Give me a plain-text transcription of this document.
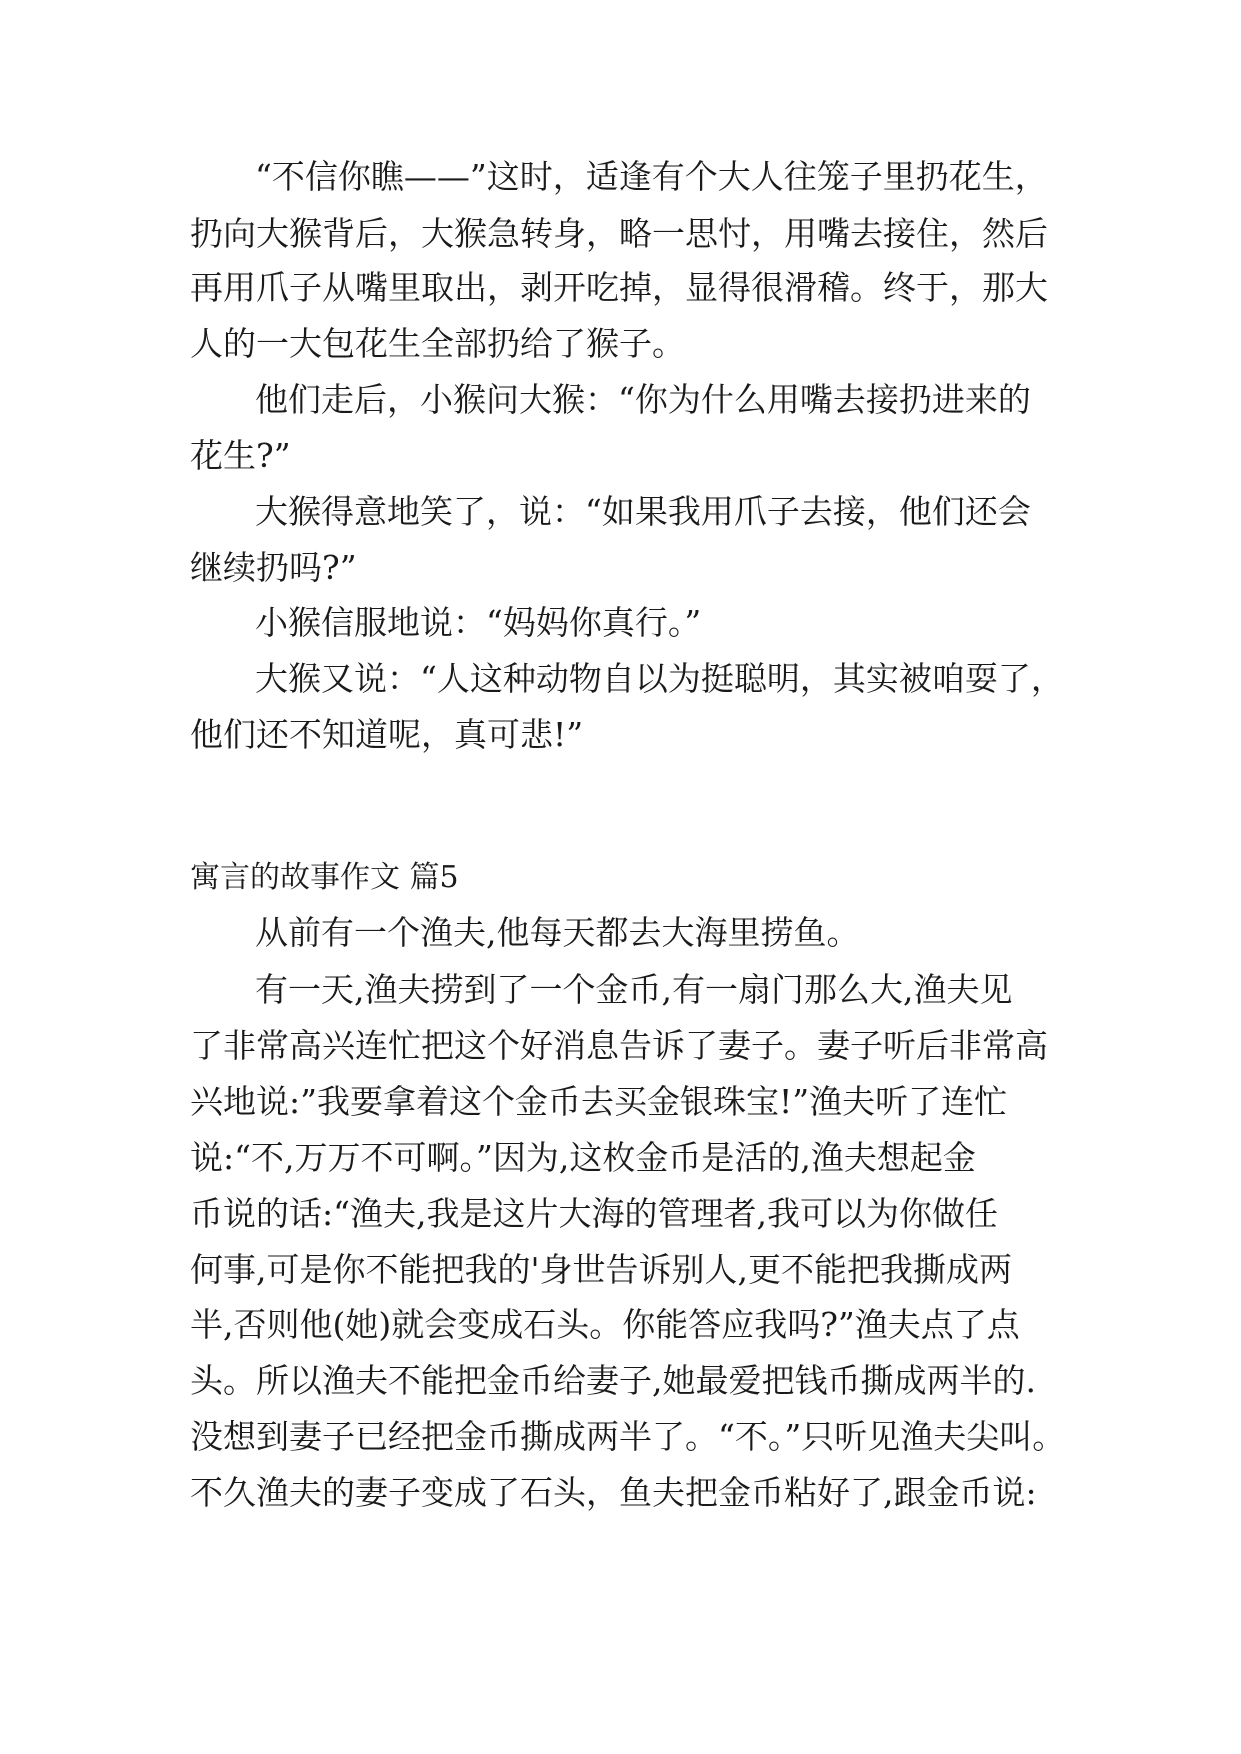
“不信你瞧——”这时，适逢有个大人往笼子里扔花生，
扔向大猴背后，大猴急转身，略一思忖，用嘴去接住，然后
再用爪子从嘴里取出，剥开吃掉，显得很滑稽。终于，那大
人的一大包花生全部扔给了猴子。
他们走后，小猴问大猴：“你为什么用嘴去接扔进来的
花生?”
大猴得意地笑了，说：“如果我用爪子去接，他们还会
继续扔吗?”
小猴信服地说：“妈妈你真行。”
大猴又说：“人这种动物自以为挺聪明，其实被咱耍了，
他们还不知道呢，真可悲!”
寓言的故事作文 篇5
从前有一个渔夫,他每天都去大海里捞鱼。
有一天,渔夫捞到了一个金币,有一扇门那么大,渔夫见
了非常高兴连忙把这个好消息告诉了妻子。妻子听后非常高
兴地说:”我要拿着这个金币去买金银珠宝!”渔夫听了连忙
说:“不,万万不可啊。”因为,这枚金币是活的,渔夫想起金
币说的话:“渔夫,我是这片大海的管理者,我可以为你做任
何事,可是你不能把我的'身世告诉别人,更不能把我撕成两
半,否则他(她)就会变成石头。你能答应我吗?”渔夫点了点
头。所以渔夫不能把金币给妻子,她最爱把钱币撕成两半的.
没想到妻子已经把金币撕成两半了。“不。”只听见渔夫尖叫。
不久渔夫的妻子变成了石头，鱼夫把金币粘好了,跟金币说:
